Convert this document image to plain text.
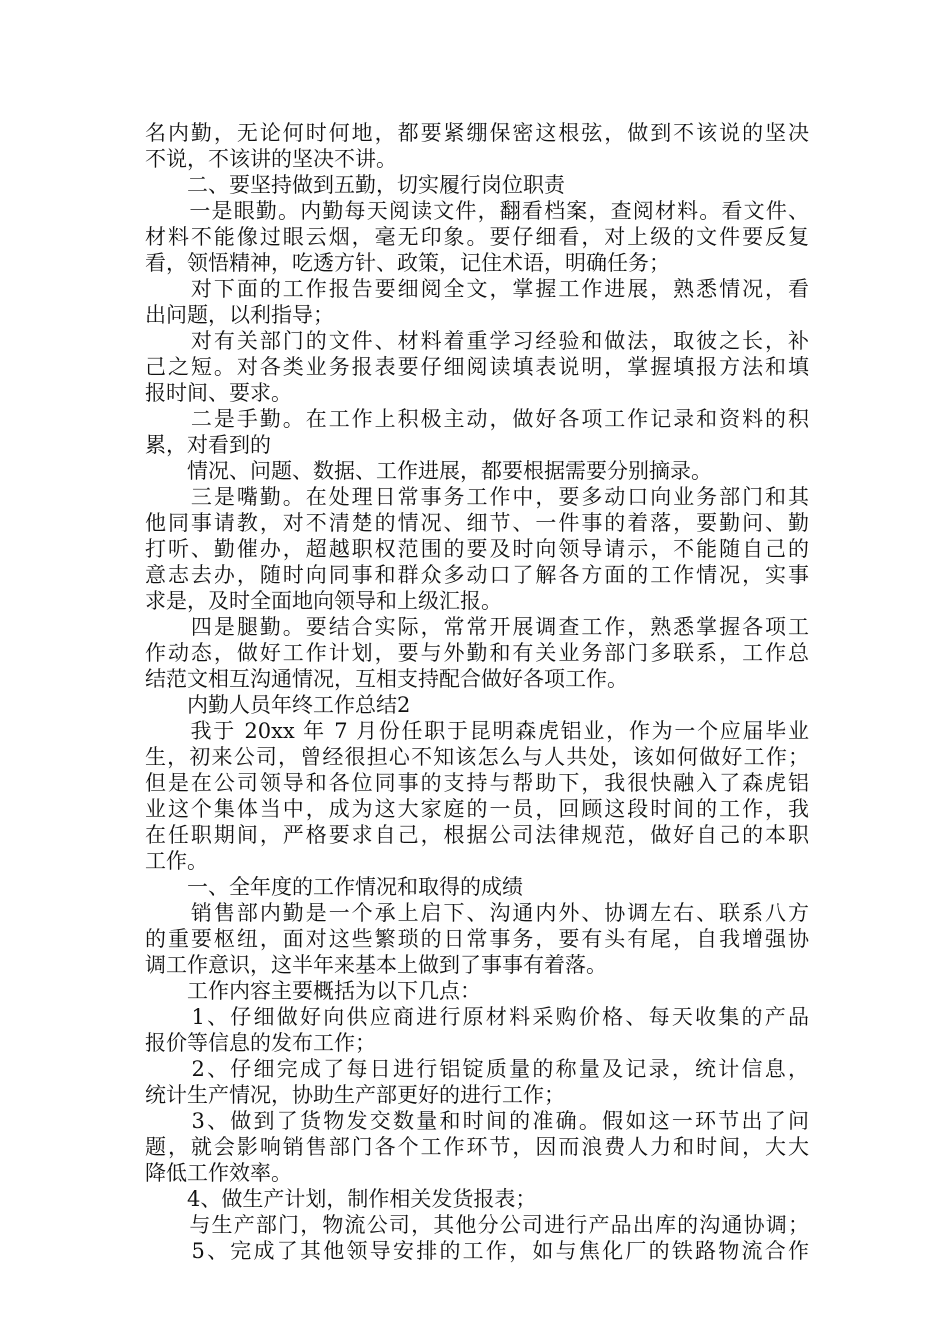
名内勤，无论何时何地，都要紧绷保密这根弦，做到不该说的坚决
不说，不该讲的坚决不讲。
　　二、要坚持做到五勤，切实履行岗位职责
　　一是眼勤。内勤每天阅读文件，翻看档案，查阅材料。看文件、
材料不能像过眼云烟，毫无印象。要仔细看，对上级的文件要反复
看，领悟精神，吃透方针、政策，记住术语，明确任务；
　　对下面的工作报告要细阅全文，掌握工作进展，熟悉情况，看
出问题，以利指导；
　　对有关部门的文件、材料着重学习经验和做法，取彼之长，补
己之短。对各类业务报表要仔细阅读填表说明，掌握填报方法和填
报时间、要求。
　　二是手勤。在工作上积极主动，做好各项工作记录和资料的积
累，对看到的
　　情况、问题、数据、工作进展，都要根据需要分别摘录。
　　三是嘴勤。在处理日常事务工作中，要多动口向业务部门和其
他同事请教，对不清楚的情况、细节、一件事的着落，要勤问、勤
打听、勤催办，超越职权范围的要及时向领导请示，不能随自己的
意志去办，随时向同事和群众多动口了解各方面的工作情况，实事
求是，及时全面地向领导和上级汇报。
　　四是腿勤。要结合实际，常常开展调查工作，熟悉掌握各项工
作动态，做好工作计划，要与外勤和有关业务部门多联系，工作总
结范文相互沟通情况，互相支持配合做好各项工作。
　　内勤人员年终工作总结2
　　我于 20xx 年 7 月份任职于昆明森虎铝业，作为一个应届毕业
生，初来公司，曾经很担心不知该怎么与人共处，该如何做好工作；
但是在公司领导和各位同事的支持与帮助下，我很快融入了森虎铝
业这个集体当中，成为这大家庭的一员，回顾这段时间的工作，我
在任职期间，严格要求自己，根据公司法律规范，做好自己的本职
工作。
　　一、全年度的工作情况和取得的成绩
　　销售部内勤是一个承上启下、沟通内外、协调左右、联系八方
的重要枢纽，面对这些繁琐的日常事务，要有头有尾，自我增强协
调工作意识，这半年来基本上做到了事事有着落。
　　工作内容主要概括为以下几点：
　　1、仔细做好向供应商进行原材料采购价格、每天收集的产品
报价等信息的发布工作；
　　2、仔细完成了每日进行铝锭质量的称量及记录，统计信息，
统计生产情况，协助生产部更好的进行工作；
　　3、做到了货物发交数量和时间的准确。假如这一环节出了问
题，就会影响销售部门各个工作环节，因而浪费人力和时间，大大
降低工作效率。
　　4、做生产计划，制作相关发货报表；
　　与生产部门，物流公司，其他分公司进行产品出库的沟通协调；
　　5、完成了其他领导安排的工作，如与焦化厂的铁路物流合作
